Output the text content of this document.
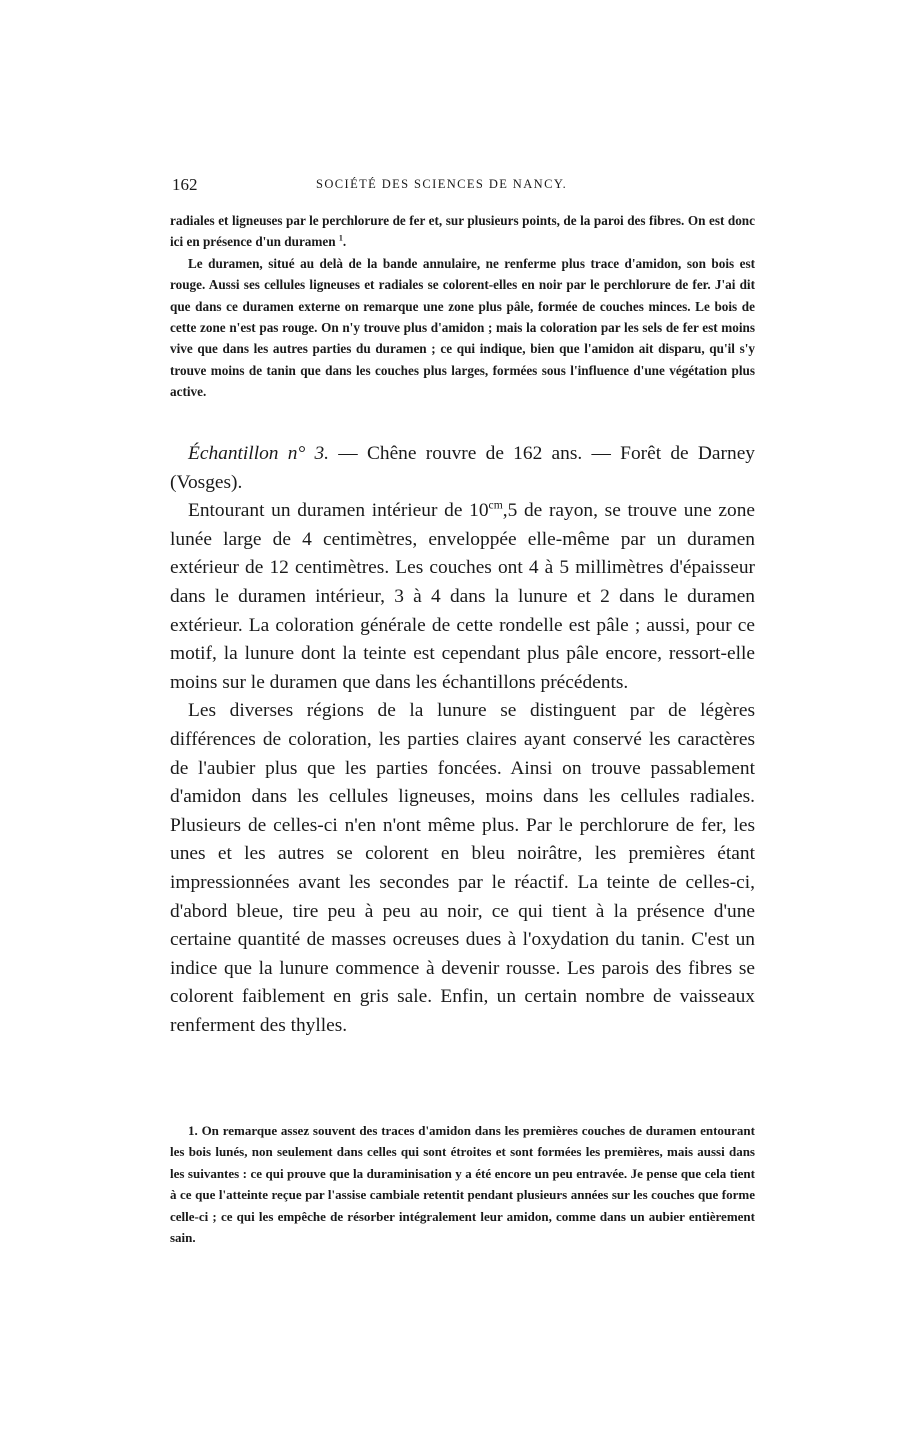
162	SOCIÉTÉ DES SCIENCES DE NANCY.

radiales et ligneuses par le perchlorure de fer et, sur plusieurs points, de la paroi des fibres. On est donc ici en présence d'un duramen $^1$.

Le duramen, situé au delà de la bande annulaire, ne renferme plus trace d'amidon, son bois est rouge. Aussi ses cellules ligneuses et radiales se colorent-elles en noir par le perchlorure de fer. J'ai dit que dans ce duramen externe on remarque une zone plus pâle, formée de couches minces. Le bois de cette zone n'est pas rouge. On n'y trouve plus d'amidon ; mais la coloration par les sels de fer est moins vive que dans les autres parties du duramen ; ce qui indique, bien que l'amidon ait disparu, qu'il s'y trouve moins de tanin que dans les couches plus larges, formées sous l'influence d'une végétation plus active.

Échantillon n° 3. — Chêne rouvre de 162 ans. — Forêt de Darney (Vosges).

Entourant un duramen intérieur de $10^{cm},5$ de rayon, se trouve une zone lunée large de 4 centimètres, enveloppée elle-même par un duramen extérieur de 12 centimètres. Les couches ont 4 à 5 millimètres d'épaisseur dans le duramen intérieur, 3 à 4 dans la lunure et 2 dans le duramen extérieur. La coloration générale de cette rondelle est pâle ; aussi, pour ce motif, la lunure dont la teinte est cependant plus pâle encore, ressort-elle moins sur le duramen que dans les échantillons précédents.

Les diverses régions de la lunure se distinguent par de légères différences de coloration, les parties claires ayant conservé les caractères de l'aubier plus que les parties foncées. Ainsi on trouve passablement d'amidon dans les cellules ligneuses, moins dans les cellules radiales. Plusieurs de celles-ci n'en n'ont même plus. Par le perchlorure de fer, les unes et les autres se colorent en bleu noirâtre, les premières étant impressionnées avant les secondes par le réactif. La teinte de celles-ci, d'abord bleue, tire peu à peu au noir, ce qui tient à la présence d'une certaine quantité de masses ocreuses dues à l'oxydation du tanin. C'est un indice que la lunure commence à devenir rousse. Les parois des fibres se colorent faiblement en gris sale. Enfin, un certain nombre de vaisseaux renferment des thylles.

1. On remarque assez souvent des traces d'amidon dans les premières couches de duramen entourant les bois lunés, non seulement dans celles qui sont étroites et sont formées les premières, mais aussi dans les suivantes : ce qui prouve que la duraminisation y a été encore un peu entravée. Je pense que cela tient à ce que l'atteinte reçue par l'assise cambiale retentit pendant plusieurs années sur les couches que forme celle-ci ; ce qui les empêche de résorber intégralement leur amidon, comme dans un aubier entièrement sain.
